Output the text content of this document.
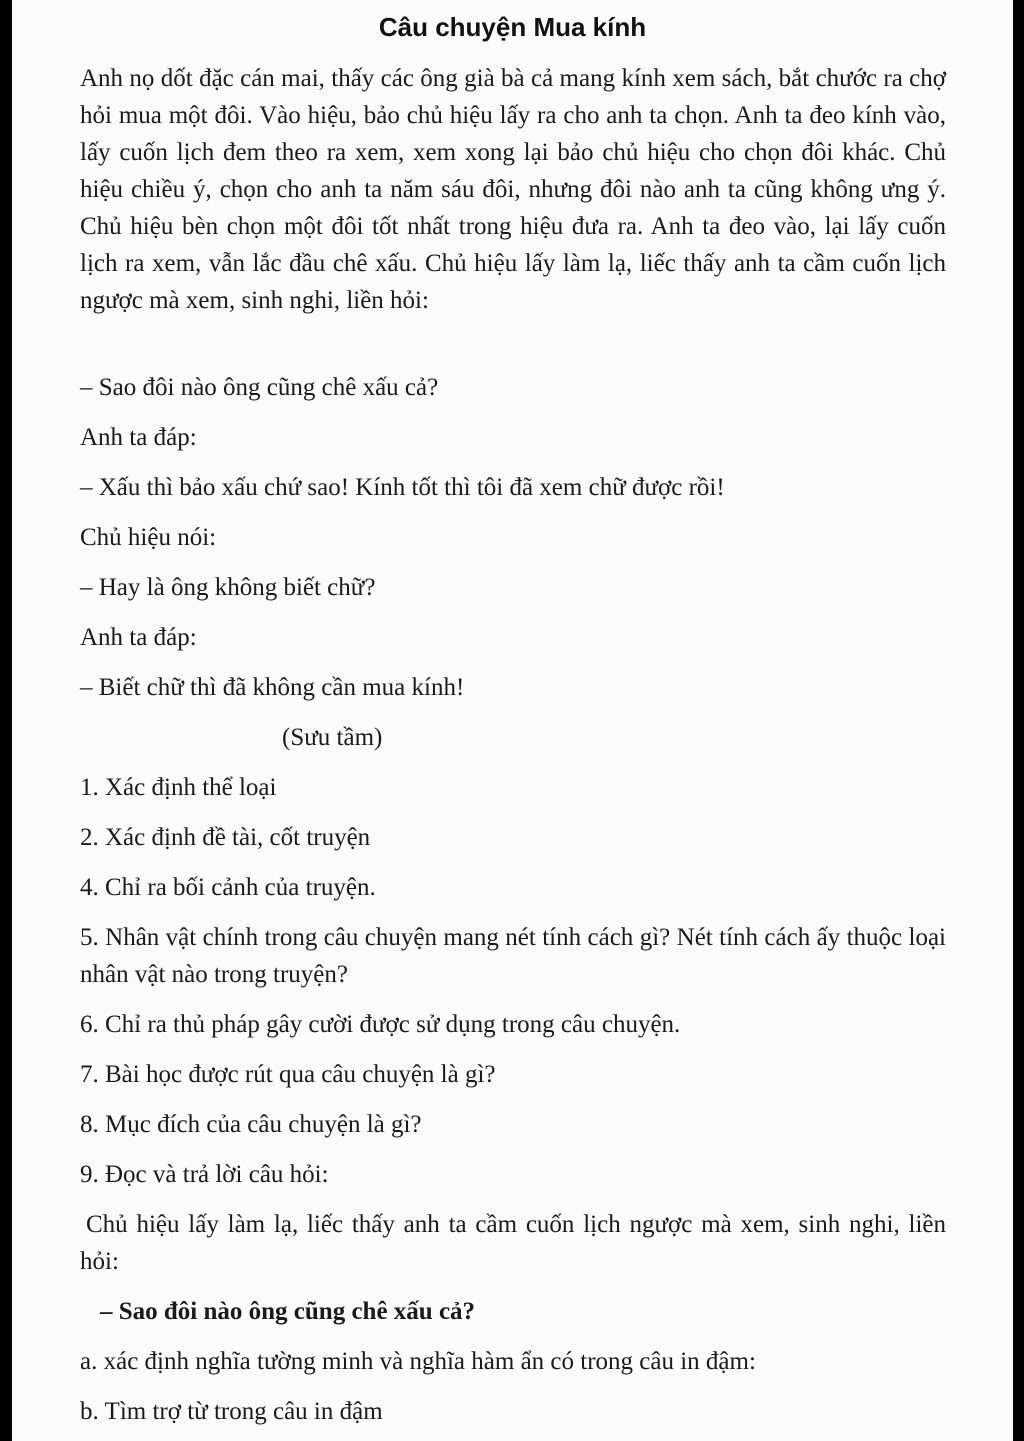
Câu chuyện Mua kính

Anh nọ dốt đặc cán mai, thấy các ông già bà cả mang kính xem sách, bắt chước ra chợ hỏi mua một đôi. Vào hiệu, bảo chủ hiệu lấy ra cho anh ta chọn. Anh ta đeo kính vào, lấy cuốn lịch đem theo ra xem, xem xong lại bảo chủ hiệu cho chọn đôi khác. Chủ hiệu chiều ý, chọn cho anh ta năm sáu đôi, nhưng đôi nào anh ta cũng không ưng ý. Chủ hiệu bèn chọn một đôi tốt nhất trong hiệu đưa ra. Anh ta đeo vào, lại lấy cuốn lịch ra xem, vẫn lắc đầu chê xấu. Chủ hiệu lấy làm lạ, liếc thấy anh ta cầm cuốn lịch ngược mà xem, sinh nghi, liền hỏi:

– Sao đôi nào ông cũng chê xấu cả?

Anh ta đáp:

– Xấu thì bảo xấu chứ sao! Kính tốt thì tôi đã xem chữ được rồi!

Chủ hiệu nói:

– Hay là ông không biết chữ?

Anh ta đáp:

– Biết chữ thì đã không cần mua kính!

(Sưu tầm)

1. Xác định thể loại

2. Xác định đề tài, cốt truyện

4. Chỉ ra bối cảnh của truyện.

5. Nhân vật chính trong câu chuyện mang nét tính cách gì? Nét tính cách ấy thuộc loại nhân vật nào trong truyện?

6. Chỉ ra thủ pháp gây cười được sử dụng trong câu chuyện.

7. Bài học được rút qua câu chuyện là gì?

8. Mục đích của câu chuyện là gì?

9. Đọc và trả lời câu hỏi:

Chủ hiệu lấy làm lạ, liếc thấy anh ta cầm cuốn lịch ngược mà xem, sinh nghi, liền hỏi:

– Sao đôi nào ông cũng chê xấu cả?

a. xác định nghĩa tường minh và nghĩa hàm ẩn có trong câu in đậm:

b. Tìm trợ từ trong câu in đậm
